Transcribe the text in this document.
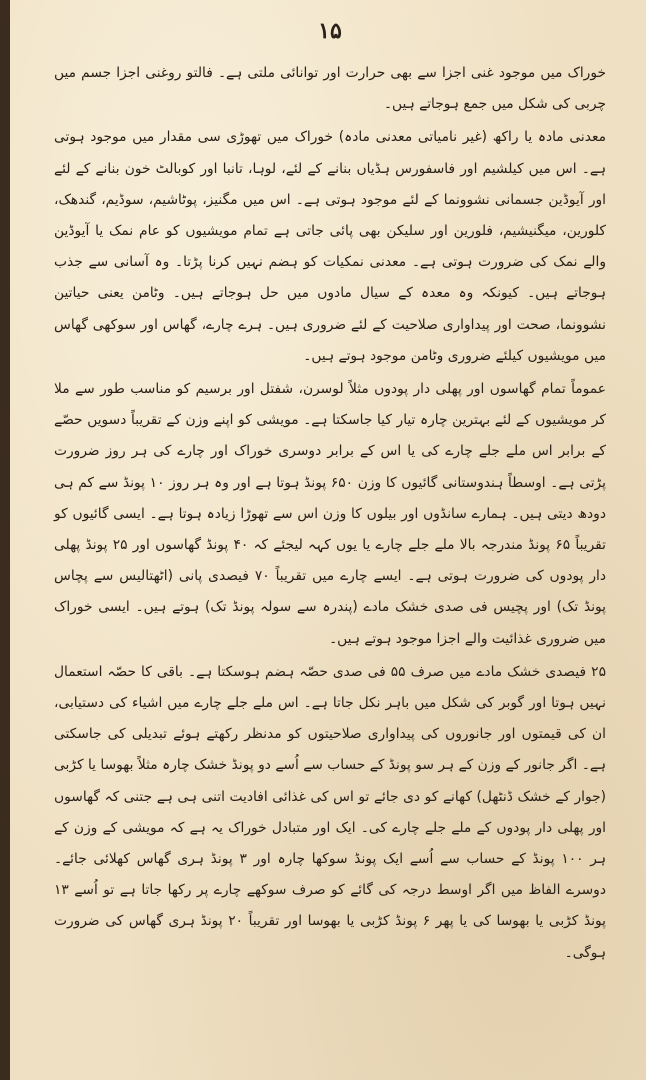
۱۵

خوراک میں موجود غنی اجزا سے بھی حرارت اور توانائی ملتی ہے۔ فالتو روغنی اجزا جسم میں چربی کی شکل میں جمع ہوجاتے ہیں۔

معدنی مادہ یا راکھ (غیر نامیاتی معدنی مادہ) خوراک میں تھوڑی سی مقدار میں موجود ہوتی ہے۔ اس میں کیلشیم اور فاسفورس ہڈیاں بنانے کے لئے، لوہا، تانبا اور کوبالٹ خون بنانے کے لئے اور آیوڈین جسمانی نشوونما کے لئے موجود ہوتی ہے۔ اس میں مگنیز، پوٹاشیم، سوڈیم، گندھک، کلورین، میگنیشیم، فلورین اور سلیکن بھی پائی جاتی ہے تمام مویشیوں کو عام نمک یا آیوڈین والے نمک کی ضرورت ہوتی ہے۔ معدنی نمکیات کو ہضم نہیں کرنا پڑتا۔ وہ آسانی سے جذب ہوجاتے ہیں۔ کیونکہ وہ معدہ کے سیال مادوں میں حل ہوجاتے ہیں۔ وٹامن یعنی حیاتین نشوونما، صحت اور پیداواری صلاحیت کے لئے ضروری ہیں۔ ہرے چارے، گھاس اور سوکھی گھاس میں مویشیوں کیلئے ضروری وٹامن موجود ہوتے ہیں۔

عموماً تمام گھاسوں اور پھلی دار پودوں مثلاً لوسرن، شفتل اور برسیم کو مناسب طور سے ملا کر مویشیوں کے لئے بہترین چارہ تیار کیا جاسکتا ہے۔ مویشی کو اپنے وزن کے تقریباً دسویں حصّے کے برابر اس ملے جلے چارے کی یا اس کے برابر دوسری خوراک اور چارے کی ہر روز ضرورت پڑتی ہے۔ اوسطاً ہندوستانی گائیوں کا وزن ۶۵۰ پونڈ ہوتا ہے اور وہ ہر روز ۱۰ پونڈ سے کم ہی دودھ دیتی ہیں۔ ہمارے سانڈوں اور بیلوں کا وزن اس سے تھوڑا زیادہ ہوتا ہے۔ ایسی گائیوں کو تقریباً ۶۵ پونڈ مندرجہ بالا ملے جلے چارے یا یوں کہہ لیجئے کہ ۴۰ پونڈ گھاسوں اور ۲۵ پونڈ پھلی دار پودوں کی ضرورت ہوتی ہے۔ ایسے چارے میں تقریباً ۷۰ فیصدی پانی (اٹھتالیس سے پچاس پونڈ تک) اور پچیس فی صدی خشک مادے (پندرہ سے سولہ پونڈ تک) ہوتے ہیں۔ ایسی خوراک میں ضروری غذائیت والے اجزا موجود ہوتے ہیں۔

۲۵ فیصدی خشک مادے میں صرف ۵۵ فی صدی حصّہ ہضم ہوسکتا ہے۔ باقی کا حصّہ استعمال نہیں ہوتا اور گوبر کی شکل میں باہر نکل جاتا ہے۔ اس ملے جلے چارے میں اشیاء کی دستیابی، ان کی قیمتوں اور جانوروں کی پیداواری صلاحیتوں کو مدنظر رکھتے ہوئے تبدیلی کی جاسکتی ہے۔ اگر جانور کے وزن کے ہر سو پونڈ کے حساب سے اُسے دو پونڈ خشک چارہ مثلاً بھوسا یا کڑبی (جوار کے خشک ڈنٹھل) کھانے کو دی جائے تو اس کی غذائی افادیت اتنی ہی ہے جتنی کہ گھاسوں اور پھلی دار پودوں کے ملے جلے چارے کی۔ ایک اور متبادل خوراک یہ ہے کہ مویشی کے وزن کے ہر ۱۰۰ پونڈ کے حساب سے اُسے ایک پونڈ سوکھا چارہ اور ۳ پونڈ ہری گھاس کھلائی جائے۔ دوسرے الفاظ میں اگر اوسط درجہ کی گائے کو صرف سوکھے چارے پر رکھا جاتا ہے تو اُسے ۱۳ پونڈ کڑبی یا بھوسا کی یا پھر ۶ پونڈ کڑبی یا بھوسا اور تقریباً ۲۰ پونڈ ہری گھاس کی ضرورت ہوگی۔
